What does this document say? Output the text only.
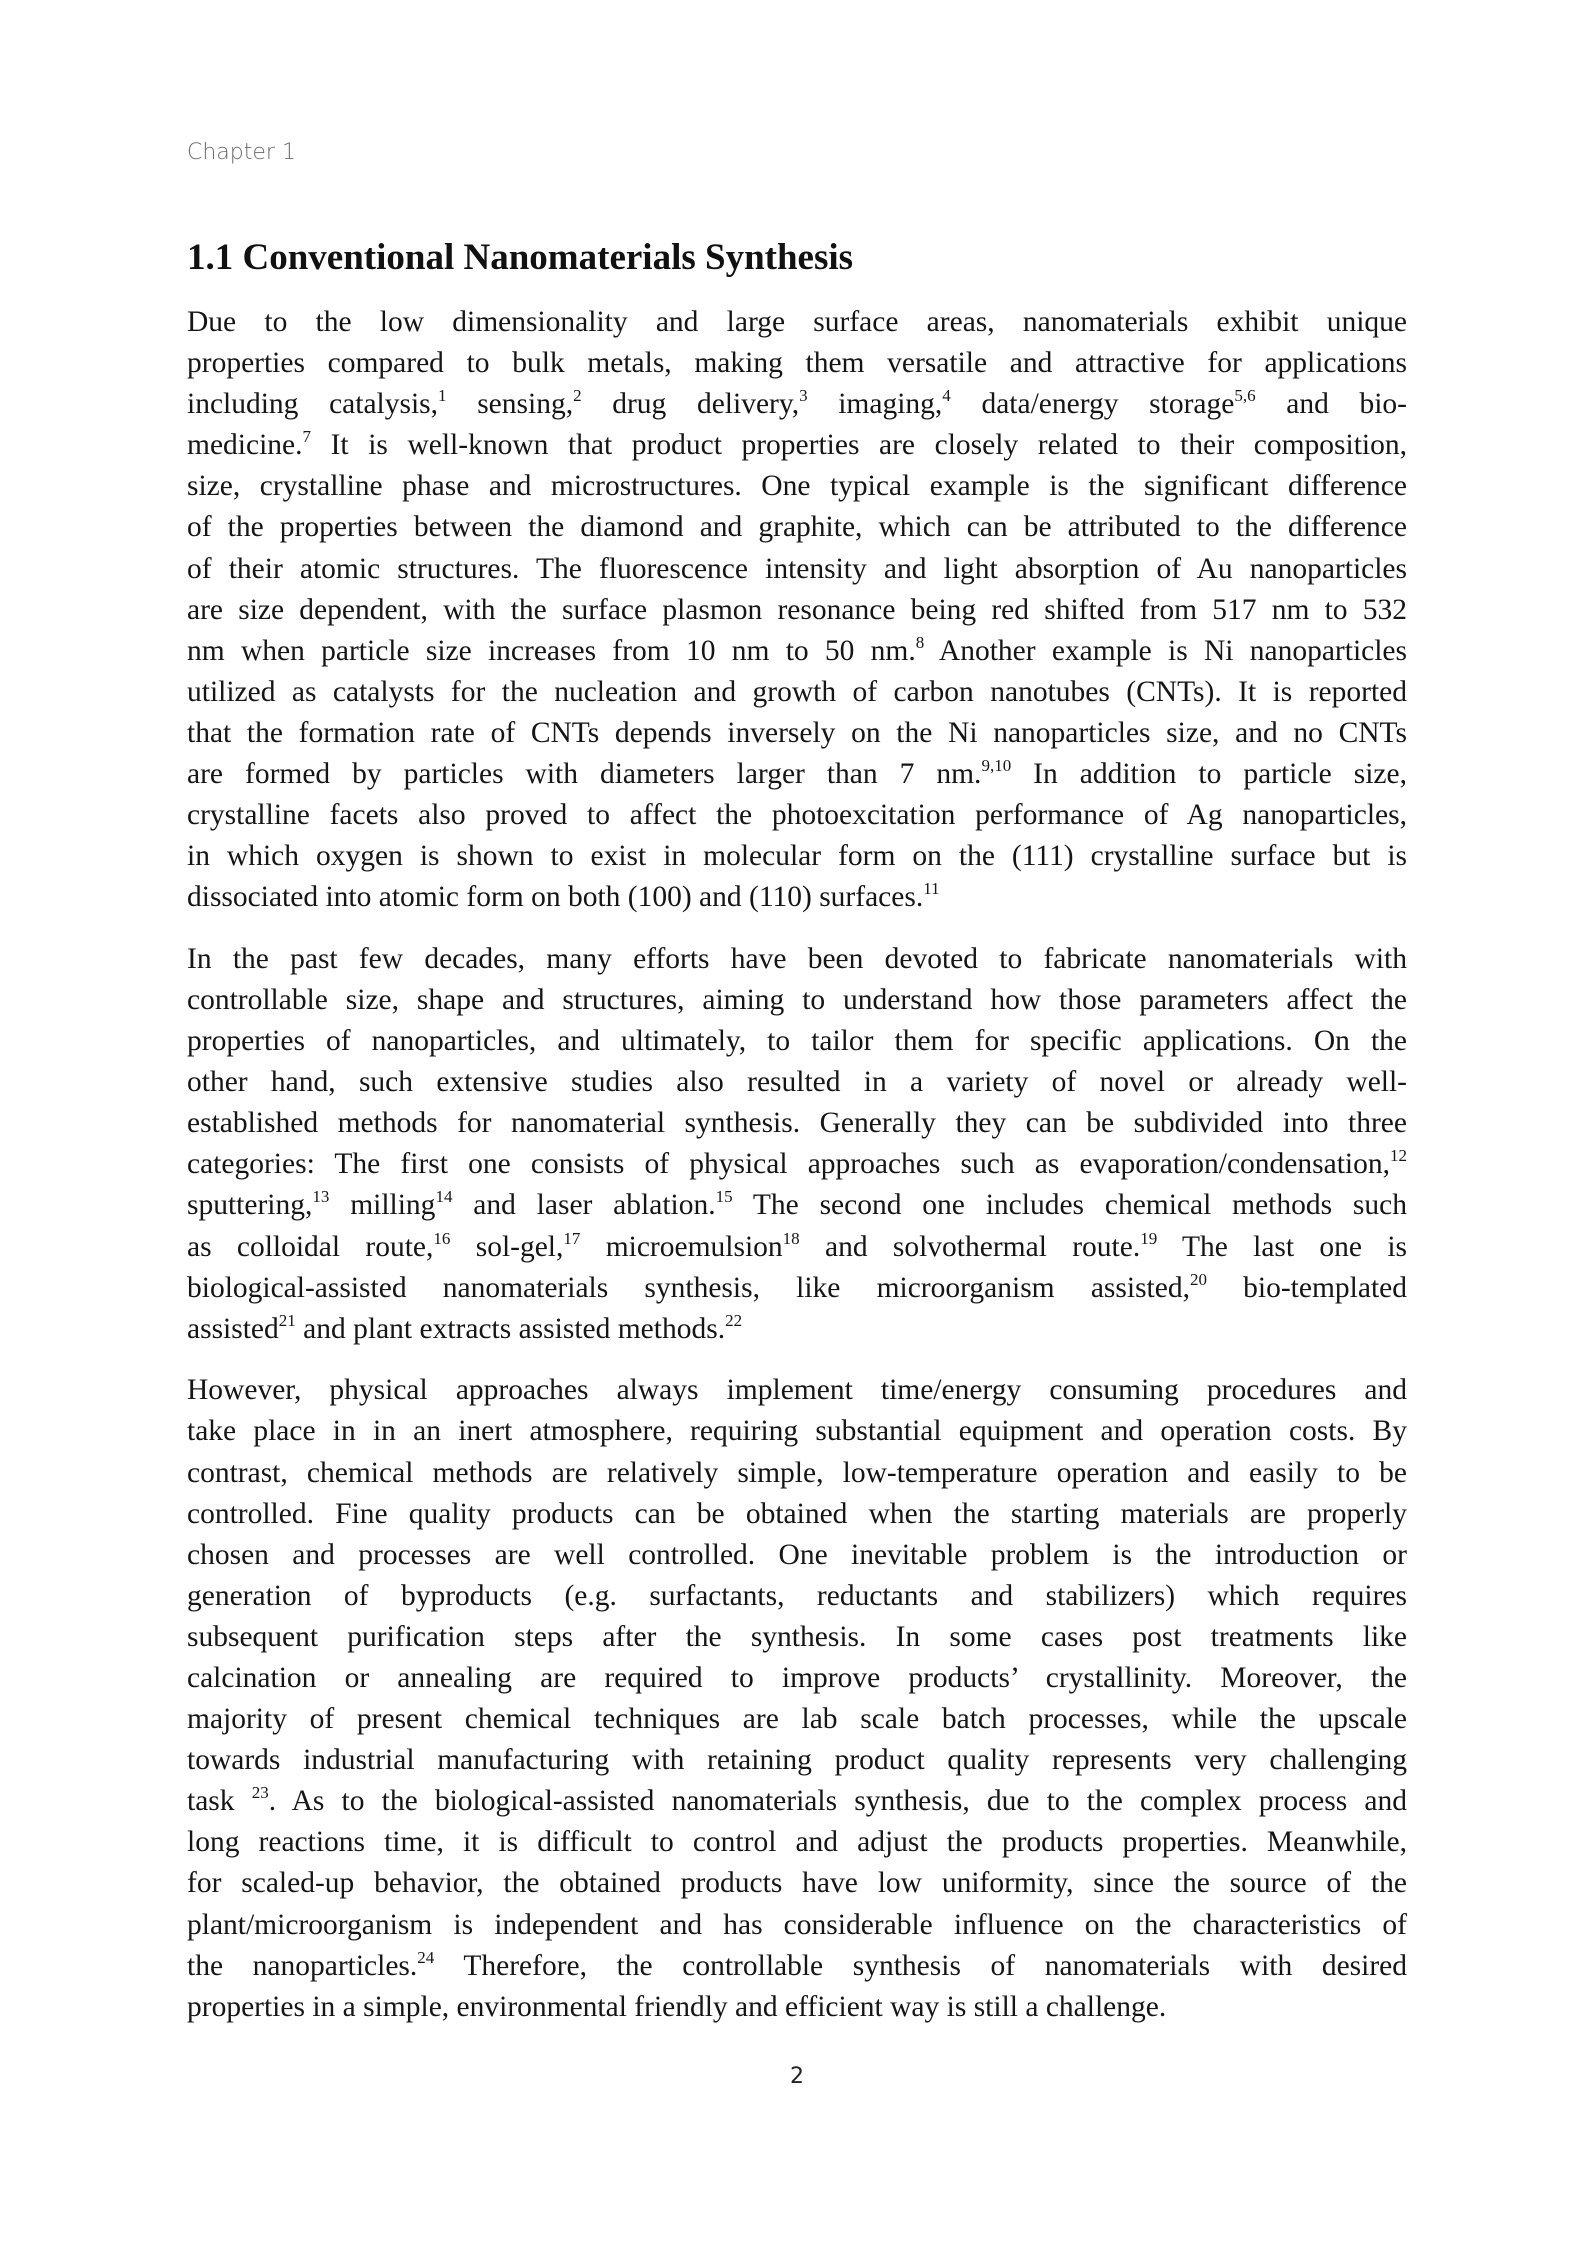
Chapter 1
1.1 Conventional Nanomaterials Synthesis
Due to the low dimensionality and large surface areas, nanomaterials exhibit unique
properties compared to bulk metals, making them versatile and attractive for applications
including catalysis,$^1$ sensing,$^2$ drug delivery,$^3$ imaging,$^4$ data/energy storage$^{5,6}$ and bio-
medicine.$^7$ It is well-known that product properties are closely related to their composition,
size, crystalline phase and microstructures. One typical example is the significant difference
of the properties between the diamond and graphite, which can be attributed to the difference
of their atomic structures. The fluorescence intensity and light absorption of Au nanoparticles
are size dependent, with the surface plasmon resonance being red shifted from 517 nm to 532
nm when particle size increases from 10 nm to 50 nm.$^8$ Another example is Ni nanoparticles
utilized as catalysts for the nucleation and growth of carbon nanotubes (CNTs). It is reported
that the formation rate of CNTs depends inversely on the Ni nanoparticles size, and no CNTs
are formed by particles with diameters larger than 7 nm.$^{9,10}$ In addition to particle size,
crystalline facets also proved to affect the photoexcitation performance of Ag nanoparticles,
in which oxygen is shown to exist in molecular form on the (111) crystalline surface but is
dissociated into atomic form on both (100) and (110) surfaces.$^{11}$
In the past few decades, many efforts have been devoted to fabricate nanomaterials with
controllable size, shape and structures, aiming to understand how those parameters affect the
properties of nanoparticles, and ultimately, to tailor them for specific applications. On the
other hand, such extensive studies also resulted in a variety of novel or already well-
established methods for nanomaterial synthesis. Generally they can be subdivided into three
categories: The first one consists of physical approaches such as evaporation/condensation,$^{12}$
sputtering,$^{13}$ milling$^{14}$ and laser ablation.$^{15}$ The second one includes chemical methods such
as colloidal route,$^{16}$ sol-gel,$^{17}$ microemulsion$^{18}$ and solvothermal route.$^{19}$ The last one is
biological-assisted nanomaterials synthesis, like microorganism assisted,$^{20}$ bio-templated
assisted$^{21}$ and plant extracts assisted methods.$^{22}$
However, physical approaches always implement time/energy consuming procedures and
take place in in an inert atmosphere, requiring substantial equipment and operation costs. By
contrast, chemical methods are relatively simple, low-temperature operation and easily to be
controlled. Fine quality products can be obtained when the starting materials are properly
chosen and processes are well controlled. One inevitable problem is the introduction or
generation of byproducts (e.g. surfactants, reductants and stabilizers) which requires
subsequent purification steps after the synthesis. In some cases post treatments like
calcination or annealing are required to improve products’ crystallinity. Moreover, the
majority of present chemical techniques are lab scale batch processes, while the upscale
towards industrial manufacturing with retaining product quality represents very challenging
task $^{23}$. As to the biological-assisted nanomaterials synthesis, due to the complex process and
long reactions time, it is difficult to control and adjust the products properties. Meanwhile,
for scaled-up behavior, the obtained products have low uniformity, since the source of the
plant/microorganism is independent and has considerable influence on the characteristics of
the nanoparticles.$^{24}$ Therefore, the controllable synthesis of nanomaterials with desired
properties in a simple, environmental friendly and efficient way is still a challenge.
2
